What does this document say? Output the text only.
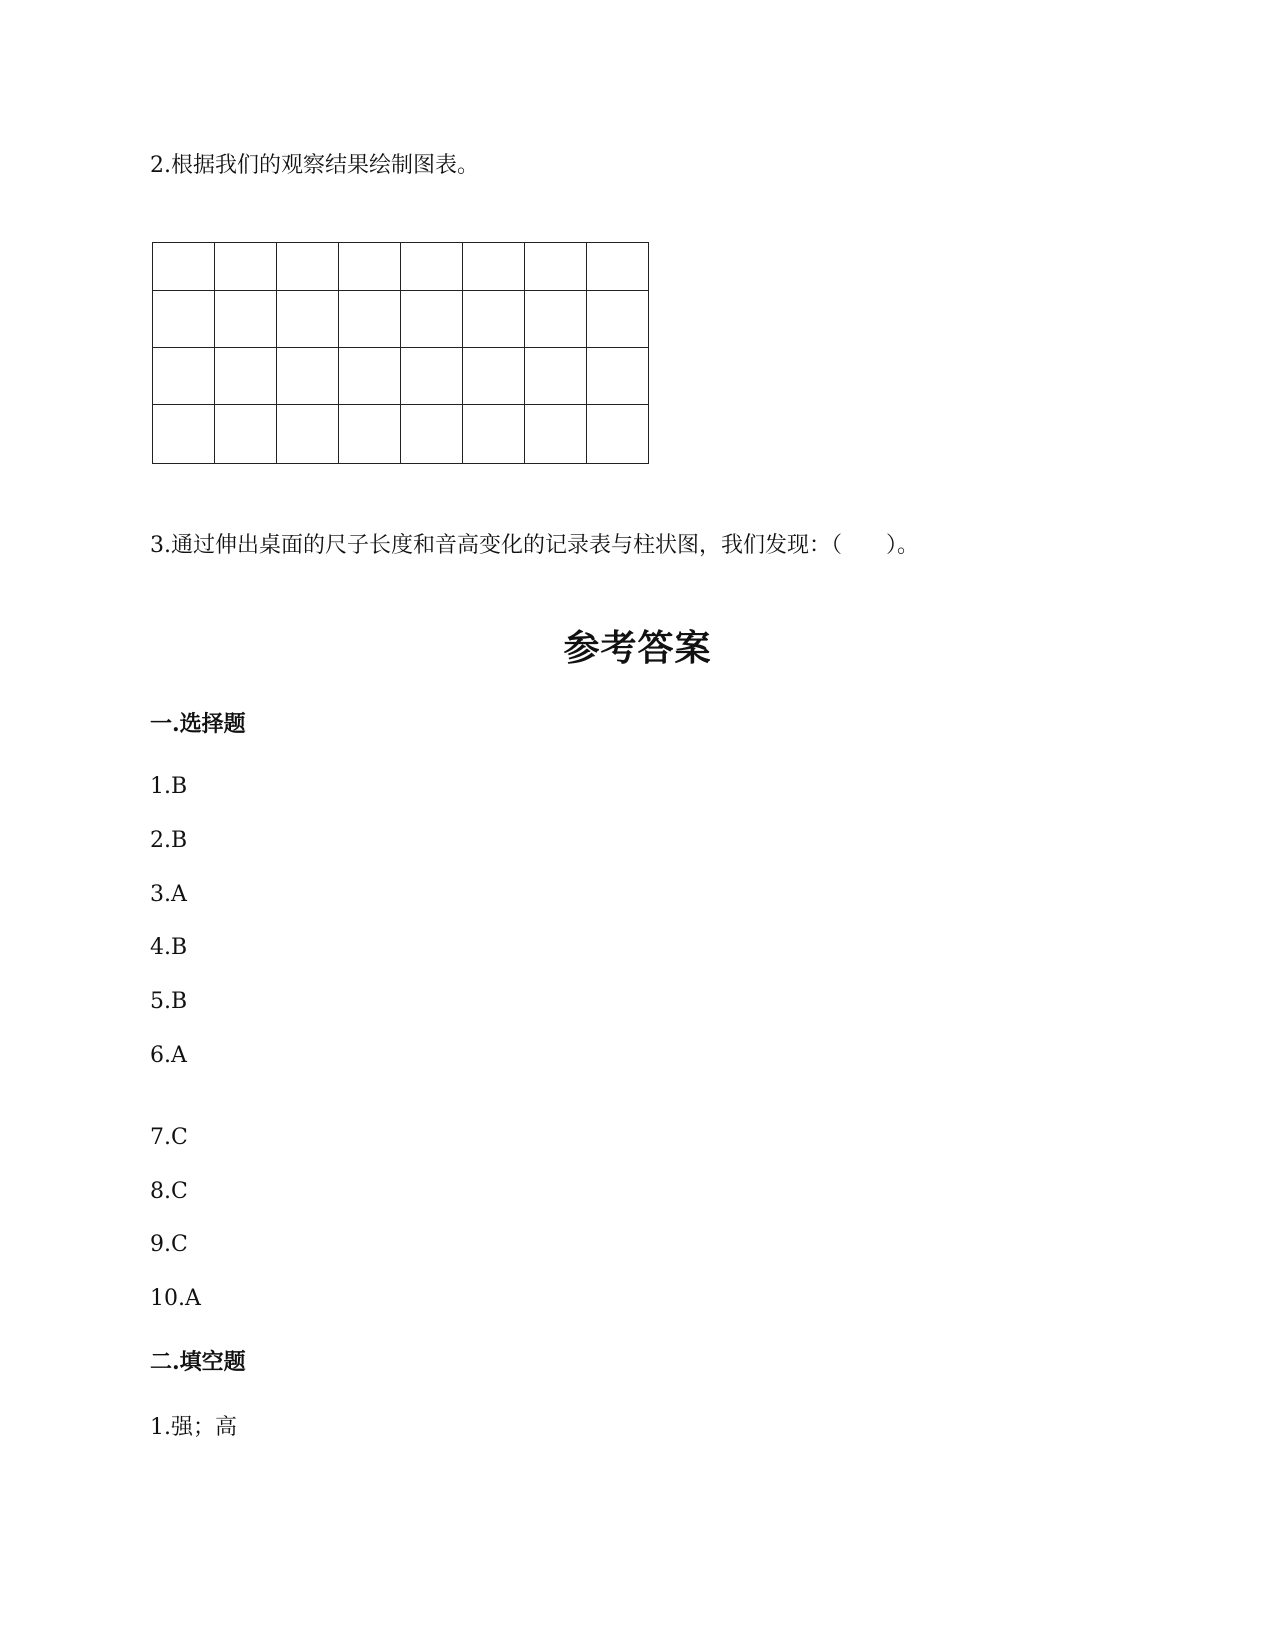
2.根据我们的观察结果绘制图表。

3.通过伸出桌面的尺子长度和音高变化的记录表与柱状图，我们发现：（　　）。
参考答案
一.选择题
1.B
2.B
3.A
4.B
5.B
6.A
7.C
8.C
9.C
10.A
二.填空题
1.强；高
